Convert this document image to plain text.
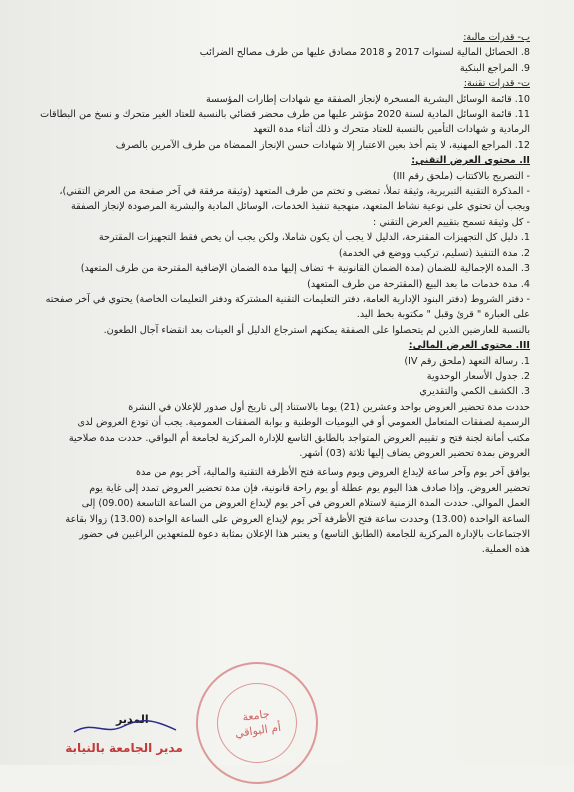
ب- قدرات مالية:
8. الحصائل المالية لسنوات 2017 و 2018 مصادق عليها من طرف مصالح الضرائب
9. المراجع البنكية
ت- قدرات تقنية:
10. قائمة الوسائل البشرية المسخرة لإنجاز الصفقة مع شهادات إطارات المؤسسة
11. قائمة الوسائل المادية لسنة 2020 مؤشر عليها من طرف محضر قضائي بالنسبة للعتاد الغير متحرك و نسخ من البطاقات
الرمادية و شهادات التأمين بالنسبة للعتاد متحرك و ذلك أثناء مدة التعهد
12. المراجع المهنية، لا يتم أخذ بعين الاعتبار إلا شهادات حسن الإنجاز الممضاة من طرف الآمرين بالصرف
II. محتوى العرض التقني:
- التصريح بالاكتتاب (ملحق رقم III)
- المذكرة التقنية التبريرية، وثيقة تملأ، تمضى و تختم من طرف المتعهد (وثيقة مرفقة في آخر صفحة من العرض التقني)،
ويجب أن تحتوي على نوعية نشاط المتعهد، منهجية تنفيذ الخدمات، الوسائل المادية والبشرية المرصودة لإنجاز الصفقة
- كل وثيقة تسمح بتقييم العرض التقني :
1. دليل كل التجهيزات المقترحة، الدليل لا يجب أن يكون شاملا، ولكن يجب أن يخص فقط التجهيزات المقترحة
2. مدة التنفيذ (تسليم، تركيب ووضع في الخدمة)
3. المدة الإجمالية للضمان (مدة الضمان القانونية + تضاف إليها مدة الضمان الإضافية المقترحة من طرف المتعهد)
4. مدة خدمات ما بعد البيع (المقترحة من طرف المتعهد)
- دفتر الشروط (دفتر البنود الإدارية العامة، دفتر التعليمات التقنية المشتركة ودفتر التعليمات الخاصة) يحتوي في آخر صفحته
على العبارة " قرئ وقبل " مكتوبة بخط اليد.
بالنسبة للعارضين الذين لم يتحصلوا على الصفقة يمكنهم استرجاع الدليل أو العينات بعد انقضاء آجال الطعون.
III. محتوى العرض المالي:
1. رسالة التعهد (ملحق رقم IV)
2. جدول الأسعار الوحدوية
3. الكشف الكمي والتقديري
حددت مدة تحضير العروض بواحد وعشرين (21) يوما بالاستناد إلى تاريخ أول صدور للإعلان في النشرة
الرسمية لصفقات المتعامل العمومي أو في اليوميات الوطنية و بوابة الصفقات العمومية. يجب أن تودع العروض لدى
مكتب أمانة لجنة فتح و تقييم العروض المتواجد بالطابق التاسع للإدارة المركزية لجامعة أم البواقي. حددت مدة صلاحية
العروض بمدة تحضير العروض يضاف إليها ثلاثة (03) أشهر.
يوافق آخر يوم وآخر ساعة لإيداع العروض ويوم وساعة فتح الأظرفة التقنية والمالية، آخر يوم من مدة
تحضير العروض. وإذا صادف هذا اليوم يوم عطلة أو يوم راحة قانونية، فإن مدة تحضير العروض تمدد إلى غاية يوم
العمل الموالي. حددت المدة الزمنية لاستلام العروض في آخر يوم لإيداع العروض من الساعة التاسعة (09.00) إلى
الساعة الواحدة (13.00) وحددت ساعة فتح الأظرفة آخر يوم لإيداع العروض على الساعة الواحدة (13.00) زوالا بقاعة
الاجتماعات بالإدارة المركزية للجامعة (الطابق التاسع) و يعتبر هذا الإعلان بمثابة دعوة للمتعهدين الراغبين في حضور
هذه العملية.
المدير	جامعة
أم البواقي
مدير الجامعة بالنيابة
